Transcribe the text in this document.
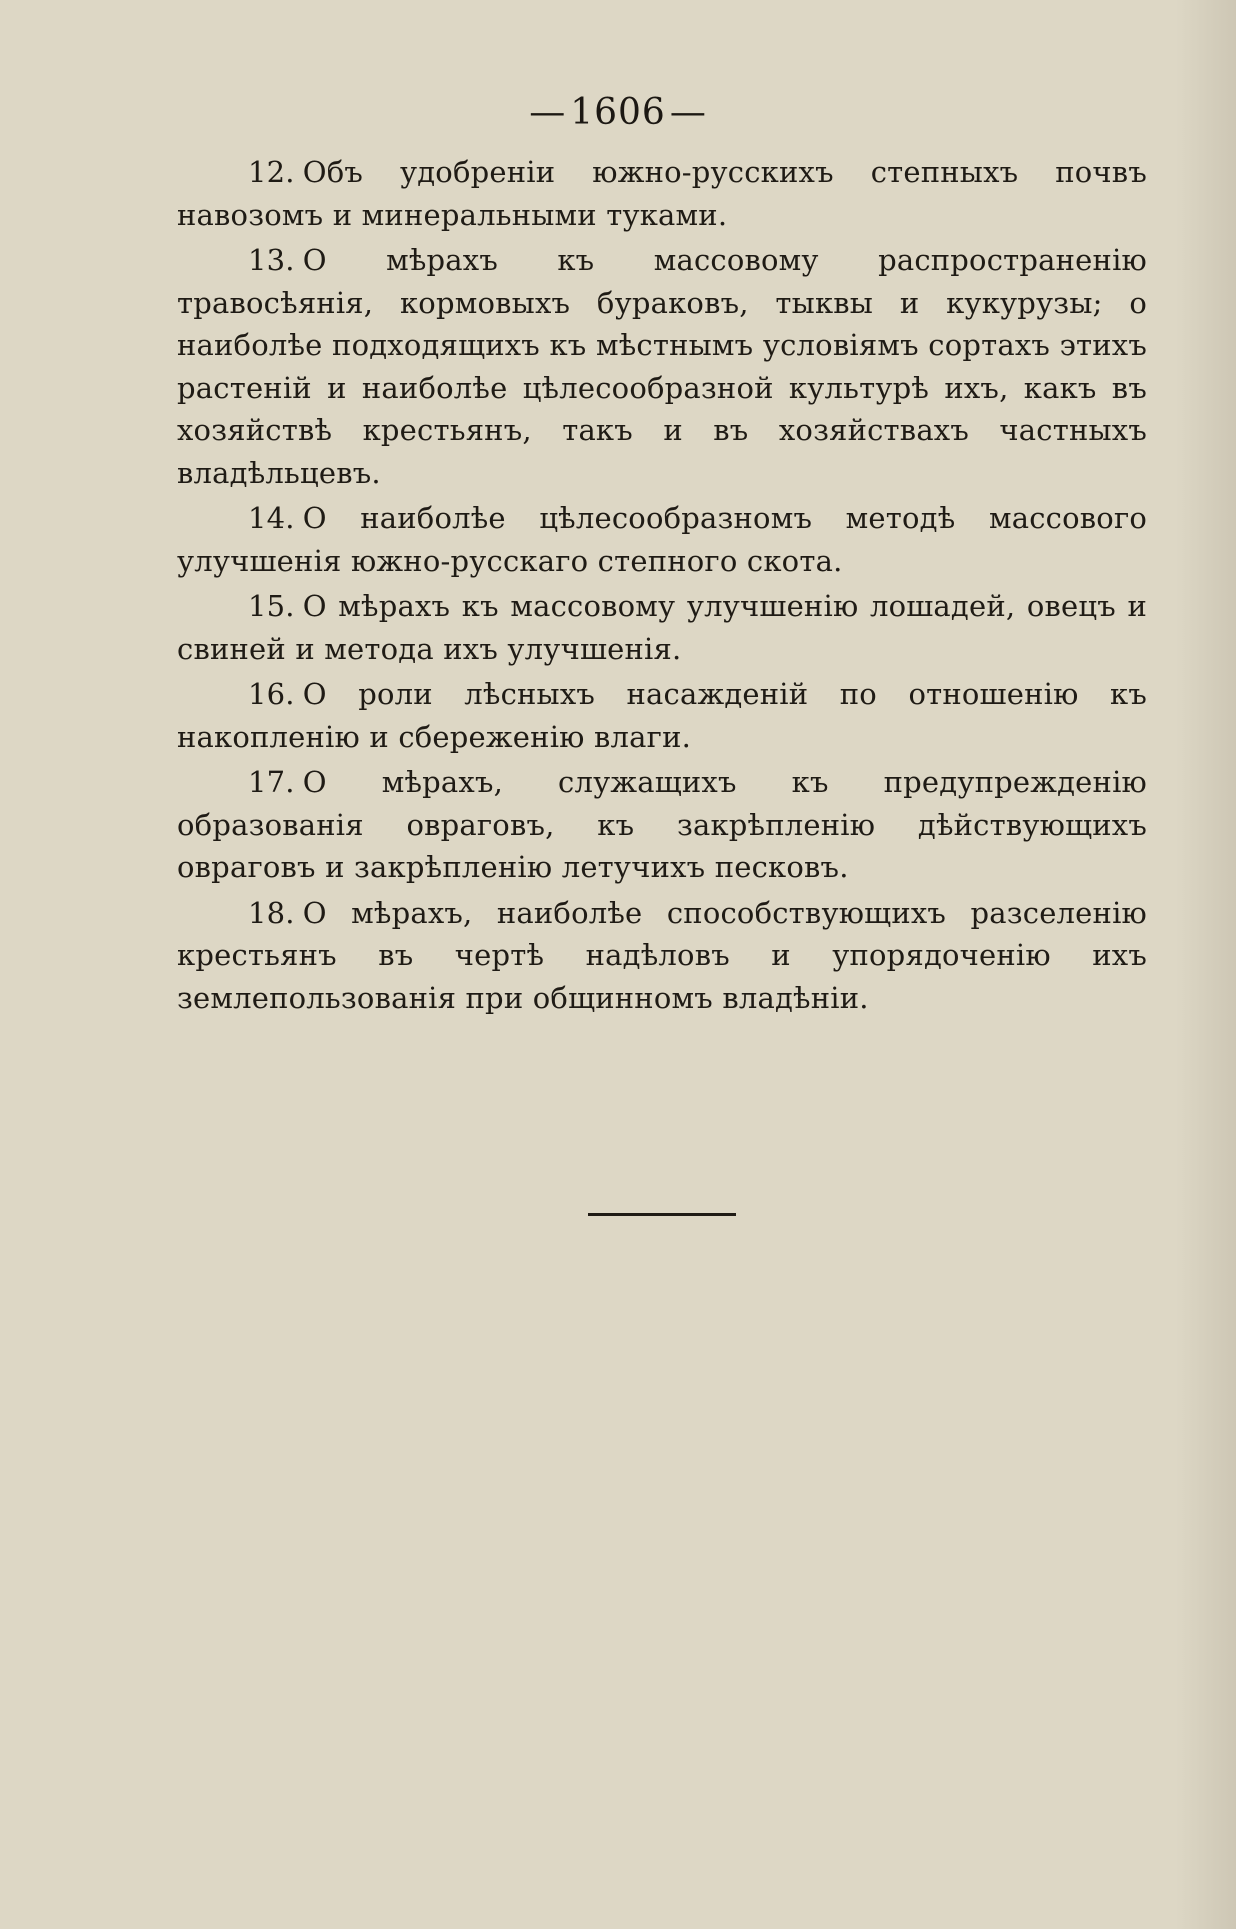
— 1606 —

12. Объ удобреніи южно-русскихъ степныхъ почвъ навозомъ и минеральными туками.

13. О мѣрахъ къ массовому распространенію травосѣянія, кормовыхъ бураковъ, тыквы и кукурузы; о наиболѣе подходящихъ къ мѣстнымъ условіямъ сортахъ этихъ растеній и наиболѣе цѣлесообразной культурѣ ихъ, какъ въ хозяйствѣ крестьянъ, такъ и въ хозяйствахъ частныхъ владѣльцевъ.

14. О наиболѣе цѣлесообразномъ методѣ массового улучшенія южно-русскаго степного скота.

15. О мѣрахъ къ массовому улучшенію лошадей, овецъ и свиней и метода ихъ улучшенія.

16. О роли лѣсныхъ насажденій по отношенію къ накопленію и сбереженію влаги.

17. О мѣрахъ, служащихъ къ предупрежденію образованія овраговъ, къ закрѣпленію дѣйствующихъ овраговъ и закрѣпленію летучихъ песковъ.

18. О мѣрахъ, наиболѣе способствующихъ разселенію крестьянъ въ чертѣ надѣловъ и упорядоченію ихъ землепользованія при общинномъ владѣніи.
